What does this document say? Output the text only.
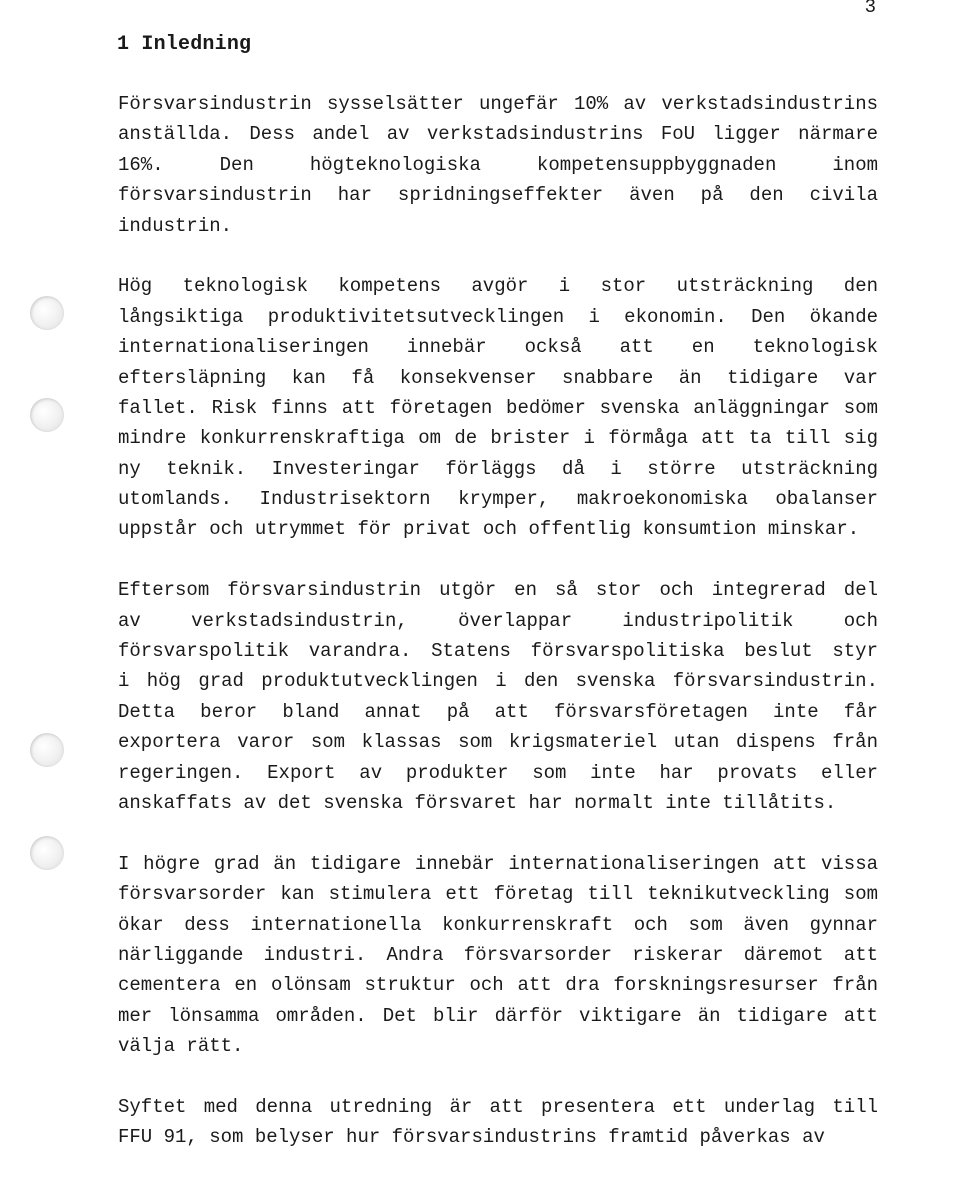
3
1 Inledning
Försvarsindustrin sysselsätter ungefär 10% av verkstadsindustrins
anställda. Dess andel av verkstadsindustrins FoU ligger närmare
16%. Den högteknologiska kompetensuppbyggnaden inom
försvarsindustrin har spridningseffekter även på den civila
industrin.
Hög teknologisk kompetens avgör i stor utsträckning den
långsiktiga produktivitetsutvecklingen i ekonomin. Den ökande
internationaliseringen innebär också att en teknologisk
eftersläpning kan få konsekvenser snabbare än tidigare var
fallet. Risk finns att företagen bedömer svenska anläggningar som
mindre konkurrenskraftiga om de brister i förmåga att ta till sig
ny teknik. Investeringar förläggs då i större utsträckning
utomlands. Industrisektorn krymper, makroekonomiska obalanser
uppstår och utrymmet för privat och offentlig konsumtion minskar.
Eftersom försvarsindustrin utgör en så stor och integrerad del
av verkstadsindustrin, överlappar industripolitik och
försvarspolitik varandra. Statens försvarspolitiska beslut styr
i hög grad produktutvecklingen i den svenska försvarsindustrin.
Detta beror bland annat på att försvarsföretagen inte får
exportera varor som klassas som krigsmateriel utan dispens från
regeringen. Export av produkter som inte har provats eller
anskaffats av det svenska försvaret har normalt inte tillåtits.
I högre grad än tidigare innebär internationaliseringen att vissa
försvarsorder kan stimulera ett företag till teknikutveckling som
ökar dess internationella konkurrenskraft och som även gynnar
närliggande industri. Andra försvarsorder riskerar däremot att
cementera en olönsam struktur och att dra forskningsresurser från
mer lönsamma områden. Det blir därför viktigare än tidigare att
välja rätt.
Syftet med denna utredning är att presentera ett underlag till
FFU 91, som belyser hur försvarsindustrins framtid påverkas av
